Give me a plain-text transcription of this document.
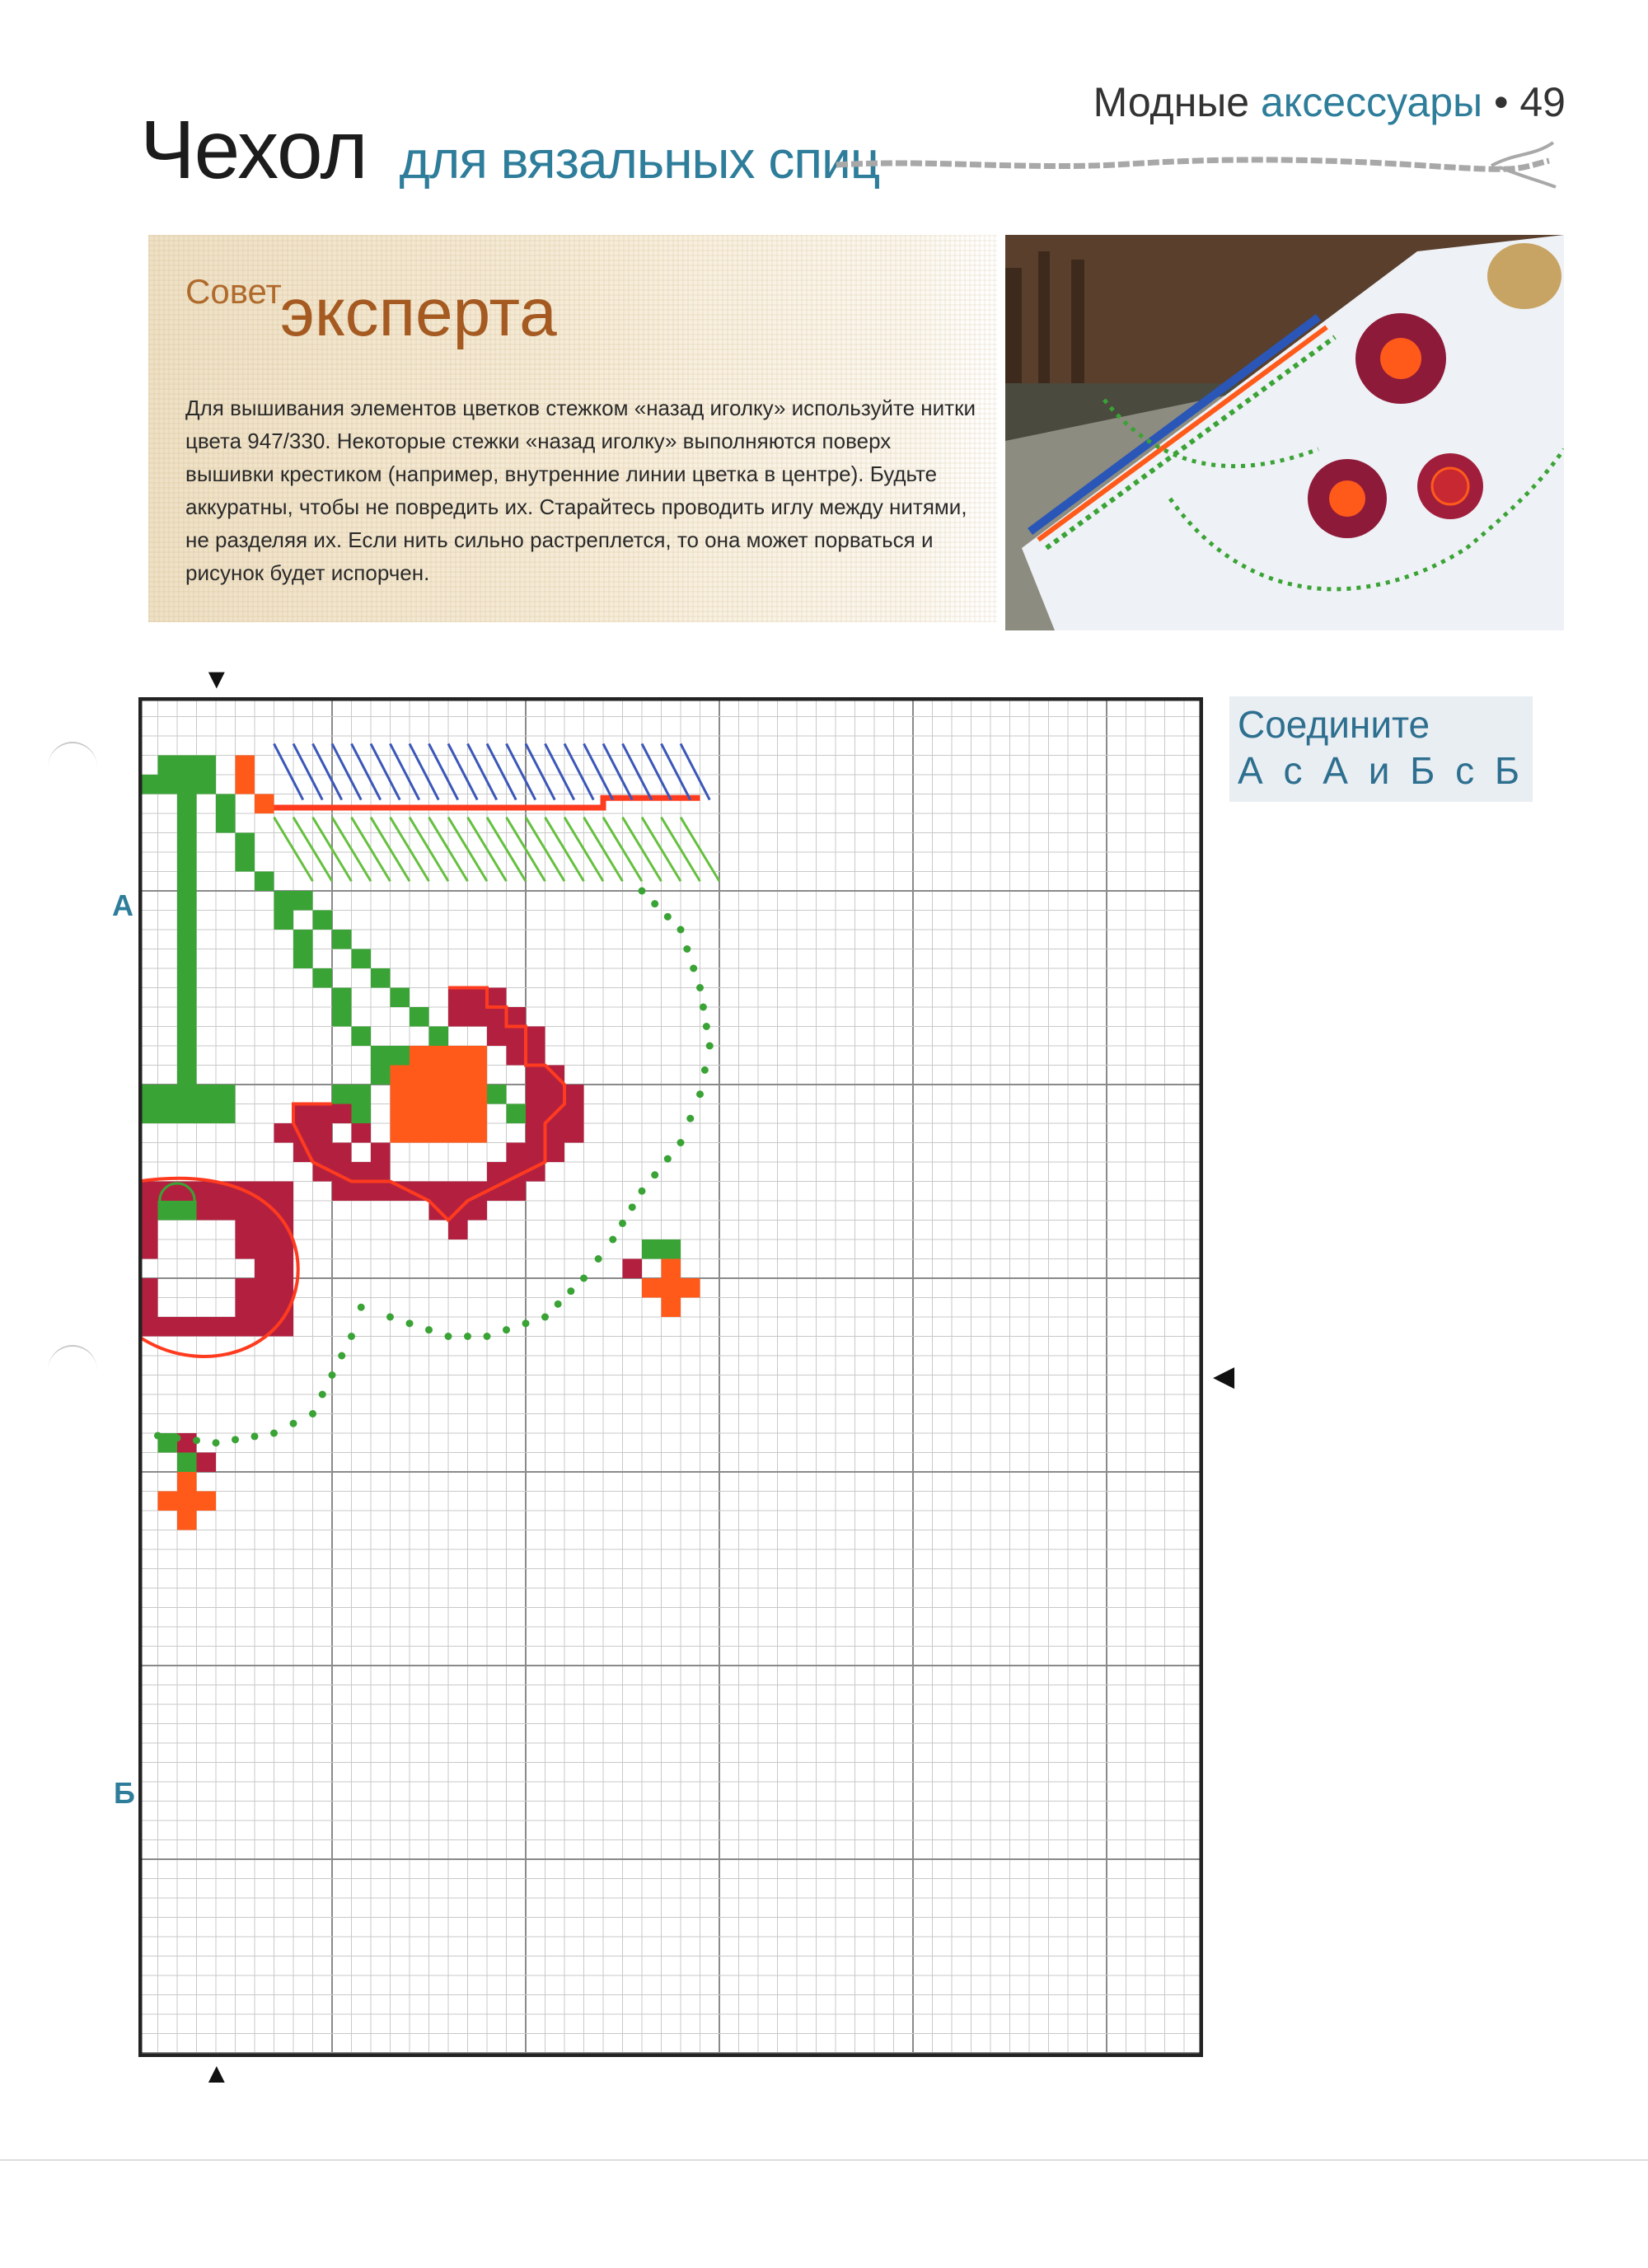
Модные аксессуары • 49
Чехол для вязальных спиц
Совет
эксперта
Для вышивания элементов цветков стежком «назад иголку» используйте нитки цвета 947/330. Некоторые стежки «назад иголку» выполняются поверх вышивки крестиком (например, внутренние линии цветка в центре). Будьте аккуратны, чтобы не повредить их. Старайтесь проводить иглу между нитями, не разделяя их. Если нить сильно растреплется, то она может порваться и рисунок будет испорчен.
▼
▲
◀
А
Б
Соедините
А с А и Б с Б
